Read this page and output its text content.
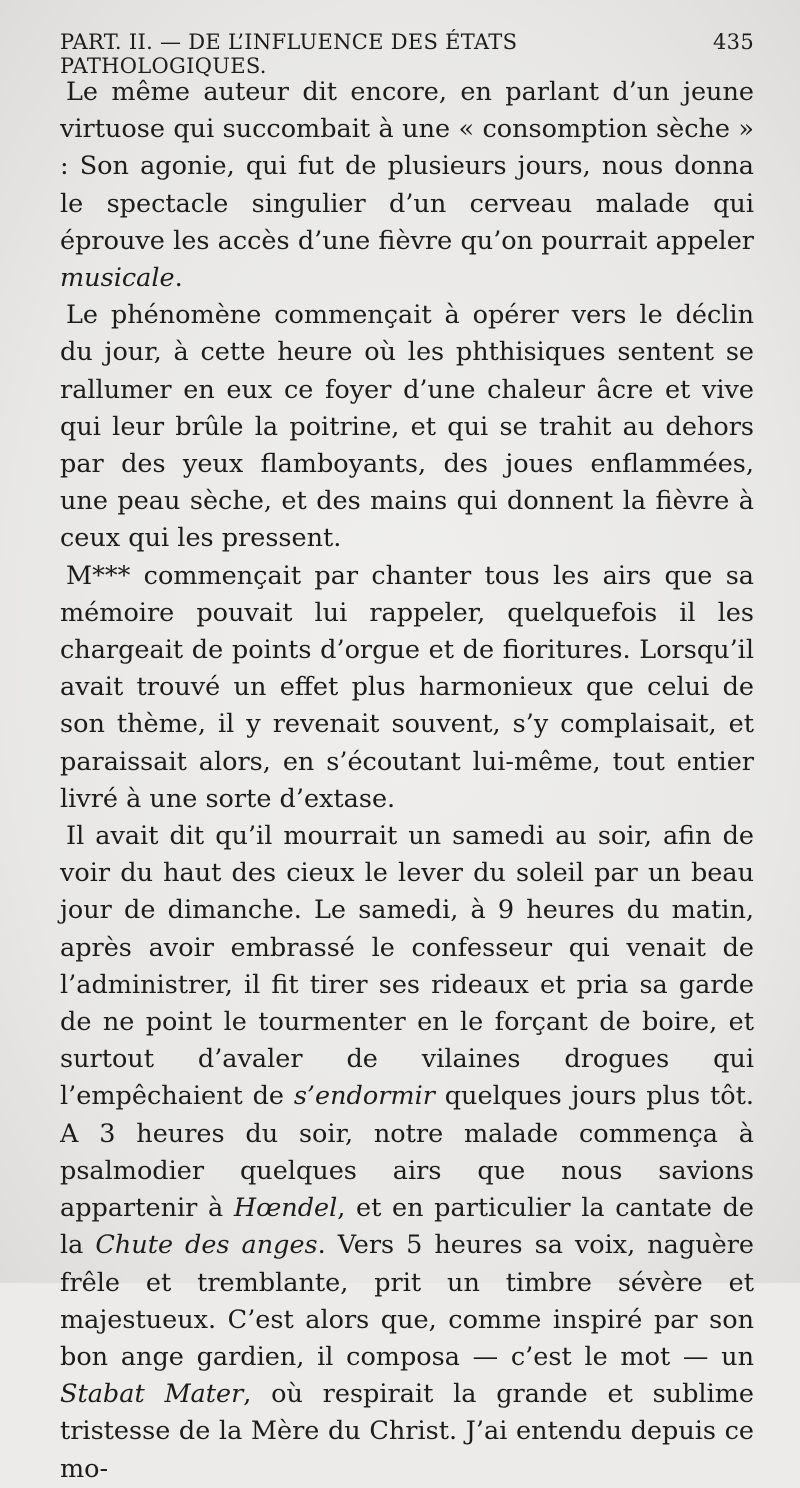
PART. II. — DE L’INFLUENCE DES ÉTATS PATHOLOGIQUES.
435

Le même auteur dit encore, en parlant d’un jeune virtuose qui succombait à une « consomption sèche » : Son agonie, qui fut de plusieurs jours, nous donna le spectacle singulier d’un cerveau malade qui éprouve les accès d’une fièvre qu’on pourrait appeler musicale.

Le phénomène commençait à opérer vers le déclin du jour, à cette heure où les phthisiques sentent se rallumer en eux ce foyer d’une chaleur âcre et vive qui leur brûle la poitrine, et qui se trahit au dehors par des yeux flamboyants, des joues enflammées, une peau sèche, et des mains qui donnent la fièvre à ceux qui les pressent.

M*** commençait par chanter tous les airs que sa mémoire pouvait lui rappeler, quelquefois il les chargeait de points d’orgue et de fioritures. Lorsqu’il avait trouvé un effet plus harmonieux que celui de son thème, il y revenait souvent, s’y complaisait, et paraissait alors, en s’écoutant lui-même, tout entier livré à une sorte d’extase.

Il avait dit qu’il mourrait un samedi au soir, afin de voir du haut des cieux le lever du soleil par un beau jour de dimanche. Le samedi, à 9 heures du matin, après avoir embrassé le confesseur qui venait de l’administrer, il fit tirer ses rideaux et pria sa garde de ne point le tourmenter en le forçant de boire, et surtout d’avaler de vilaines drogues qui l’empêchaient de s’endormir quelques jours plus tôt. A 3 heures du soir, notre malade commença à psalmodier quelques airs que nous savions appartenir à Hœndel, et en particulier la cantate de la Chute des anges. Vers 5 heures sa voix, naguère frêle et tremblante, prit un timbre sévère et majestueux. C’est alors que, comme inspiré par son bon ange gardien, il composa — c’est le mot — un Stabat Mater, où respirait la grande et sublime tristesse de la Mère du Christ. J’ai entendu depuis ce mo-
